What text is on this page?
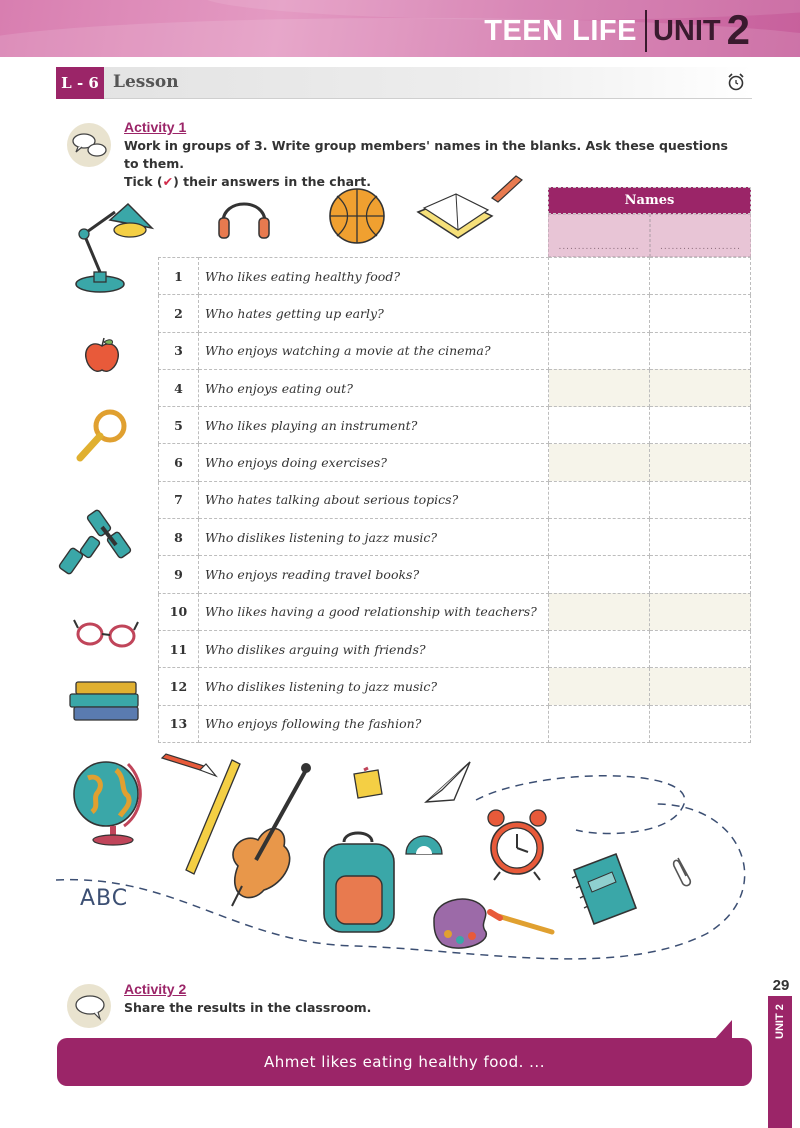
TEEN LIFE UNIT 2
L - 6 Lesson
Activity 1
Work in groups of 3. Write group members' names in the blanks. Ask these questions to them.
Tick (✔) their answers in the chart.
Names
.....................	.....................
1	Who likes eating healthy food?		
2	Who hates getting up early?		
3	Who enjoys watching a movie at the cinema?		
4	Who enjoys eating out?		
5	Who likes playing an instrument?		
6	Who enjoys doing exercises?		
7	Who hates talking about serious topics?		
8	Who dislikes listening to jazz music?		
9	Who enjoys reading travel books?		
10	Who likes having a good relationship with teachers?		
11	Who dislikes arguing with friends?		
12	Who dislikes listening to jazz music?		
13	Who enjoys following the fashion?		
ABC
Activity 2
Share the results in the classroom.
Ahmet likes eating healthy food. ...
29
UNIT 2
